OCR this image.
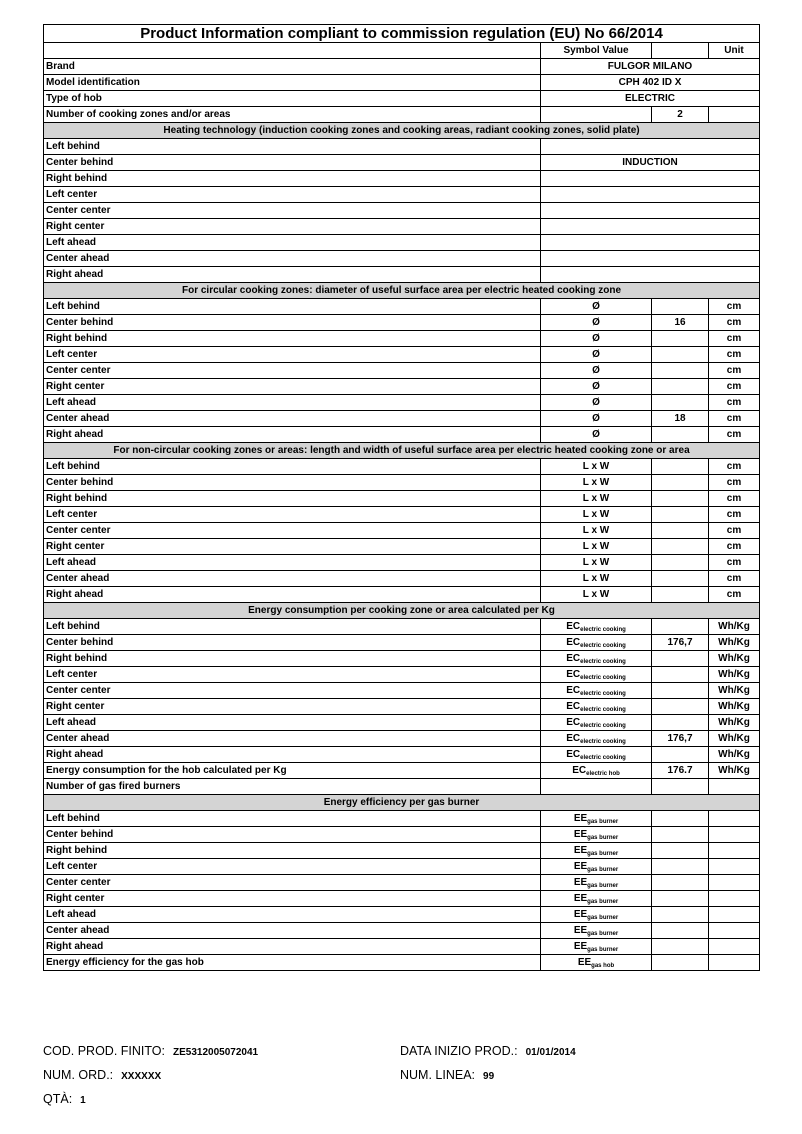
Product Information compliant to commission regulation (EU) No 66/2014			
	Symbol Value		Unit
Brand	FULGOR MILANO		
Model identification	CPH 402 ID X		
Type of hob	ELECTRIC		
Number of cooking zones and/or areas		2	
Heating technology (induction cooking zones and cooking areas, radiant cooking zones, solid plate)			
Left behind			
Center behind	INDUCTION		
Right behind			
Left center			
Center center			
Right center			
Left ahead			
Center ahead			
Right ahead			
For circular cooking zones: diameter of useful surface area per electric heated cooking zone			
Left behind	Ø		cm
Center behind	Ø	16	cm
Right behind	Ø		cm
Left center	Ø		cm
Center center	Ø		cm
Right center	Ø		cm
Left ahead	Ø		cm
Center ahead	Ø	18	cm
Right ahead	Ø		cm
For non-circular cooking zones or areas: length and width of useful surface area per electric heated cooking zone or area			
Left behind	L x W		cm
Center behind	L x W		cm
Right behind	L x W		cm
Left center	L x W		cm
Center center	L x W		cm
Right center	L x W		cm
Left ahead	L x W		cm
Center ahead	L x W		cm
Right ahead	L x W		cm
Energy consumption per cooking zone or area calculated per Kg			
Left behind	$EC_{electric cooking}$		Wh/Kg
Center behind	$EC_{electric cooking}$	176,7	Wh/Kg
Right behind	$EC_{electric cooking}$		Wh/Kg
Left center	$EC_{electric cooking}$		Wh/Kg
Center center	$EC_{electric cooking}$		Wh/Kg
Right center	$EC_{electric cooking}$		Wh/Kg
Left ahead	$EC_{electric cooking}$		Wh/Kg
Center ahead	$EC_{electric cooking}$	176,7	Wh/Kg
Right ahead	$EC_{electric cooking}$		Wh/Kg
Energy consumption for the hob calculated per Kg	$EC_{electric hob}$	176.7	Wh/Kg
Number of gas fired burners			
Energy efficiency per gas burner			
Left behind	$EE_{gas burner}$		
Center behind	$EE_{gas burner}$		
Right behind	$EE_{gas burner}$		
Left center	$EE_{gas burner}$		
Center center	$EE_{gas burner}$		
Right center	$EE_{gas burner}$		
Left ahead	$EE_{gas burner}$		
Center ahead	$EE_{gas burner}$		
Right ahead	$EE_{gas burner}$		
Energy efficiency for the gas hob	$EE_{gas hob}$		
COD. PROD. FINITO: ZE5312005072041	DATA INIZIO PROD.: 01/01/2014
NUM. ORD.: XXXXXX	NUM. LINEA: 99
QTÀ: 1
